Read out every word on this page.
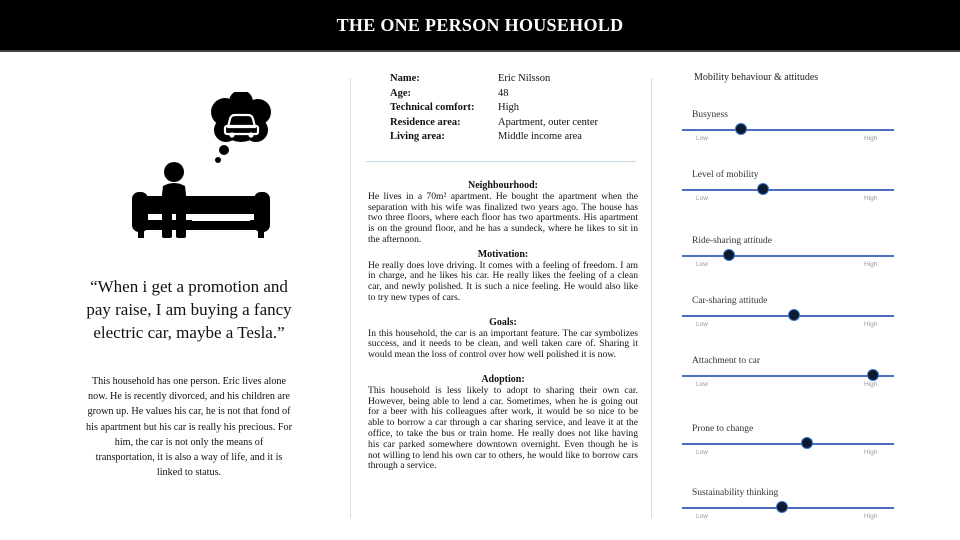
THE ONE PERSON HOUSEHOLD
“When i get a promotion and pay raise, I am buying a fancy electric car, maybe a Tesla.”
This household has one person. Eric lives alone now. He is recently divorced, and his children are grown up. He values his car, he is not that fond of his apartment but his car is really his precious. For him, the car is not only the means of transportation, it is also a way of life, and it is linked to status.
Name:	Eric Nilsson
Age:	48
Technical comfort:	High
Residence area:	Apartment, outer center
Living area:	Middle income area

Neighbourhood:

He lives in a 70m² apartment. He bought the apartment when the separation with his wife was finalized two years ago. The house has two three floors, where each floor has two apartments. His apartment is on the ground floor, and he has a sundeck, where he likes to sit in the afternoon.

Motivation:

He really does love driving. It comes with a feeling of freedom. I am in charge, and he likes his car. He really likes the feeling of a clean car, and newly polished. It is such a nice feeling. He would also like to try new types of cars.

Goals:

In this household, the car is an important feature. The car symbolizes success, and it needs to be clean, and well taken care of. Sharing it would mean the loss of control over how well polished it is now.

Adoption:

This household is less likely to adopt to sharing their own car. However, being able to lend a car. Sometimes, when he is going out for a beer with his colleagues after work, it would be so nice to be able to borrow a car through a car sharing service, and leave it at the office, to take the bus or train home. He really does not like having his car parked somewhere downtown overnight. Even though he is not willing to lend his own car to others, he would like to borrow cars through a service.

Mobility behaviour & attitudes
Busyness
Low	High
Level of mobility
Low	High
Ride-sharing attitude
Low	High
Car-sharing attitude
Low	High
Attachment to car
Low	High
Prone to change
Low	High
Sustainability thinking
Low	High
